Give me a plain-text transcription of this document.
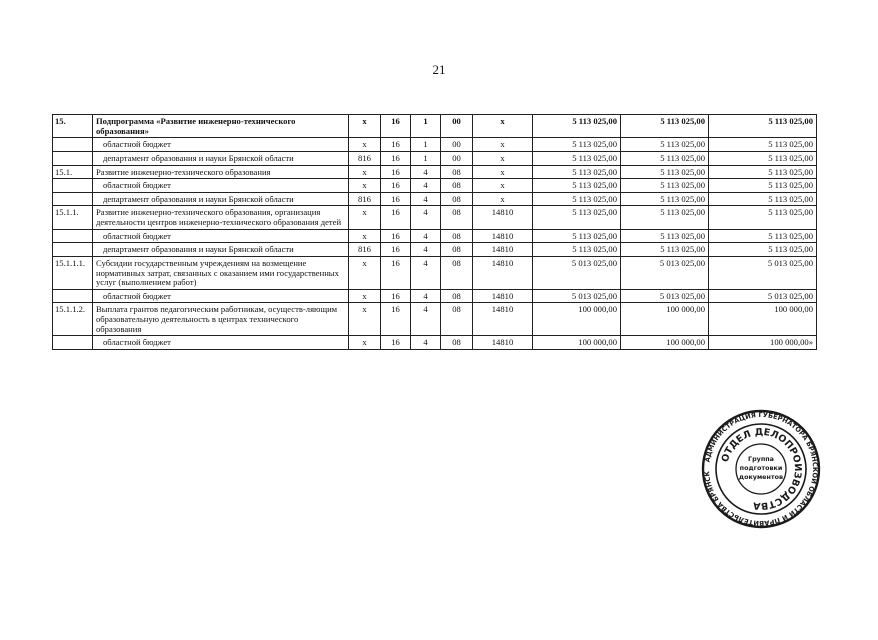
21
15.	Подпрограмма «Развитие инженерно-технического образования»	х	16	1	00	х	5 113 025,00	5 113 025,00	5 113 025,00
	областной бюджет	х	16	1	00	х	5 113 025,00	5 113 025,00	5 113 025,00
	департамент образования и науки Брянской области	816	16	1	00	х	5 113 025,00	5 113 025,00	5 113 025,00
15.1.	Развитие инженерно-технического образования	х	16	4	08	х	5 113 025,00	5 113 025,00	5 113 025,00
	областной бюджет	х	16	4	08	х	5 113 025,00	5 113 025,00	5 113 025,00
	департамент образования и науки Брянской области	816	16	4	08	х	5 113 025,00	5 113 025,00	5 113 025,00
15.1.1.	Развитие инженерно-технического образования, организация деятельности центров инженерно-технического образования детей	х	16	4	08	14810	5 113 025,00	5 113 025,00	5 113 025,00
	областной бюджет	х	16	4	08	14810	5 113 025,00	5 113 025,00	5 113 025,00
	департамент образования и науки Брянской области	816	16	4	08	14810	5 113 025,00	5 113 025,00	5 113 025,00
15.1.1.1.	Субсидии государственным учреждениям на возмещение нормативных затрат, связанных с оказанием ими государственных услуг (выполнением работ)	х	16	4	08	14810	5 013 025,00	5 013 025,00	5 013 025,00
	областной бюджет	х	16	4	08	14810	5 013 025,00	5 013 025,00	5 013 025,00
15.1.1.2.	Выплата грантов педагогическим работникам, осуществ-ляющим образовательную деятельность в центрах технического образования	х	16	4	08	14810	100 000,00	100 000,00	100 000,00
	областной бюджет	х	16	4	08	14810	100 000,00	100 000,00	100 000,00»
АДМИНИСТРАЦИЯ ГУБЕРНАТОРА БРЯНСКОЙ ОБЛАСТИ И ПРАВИТЕЛЬСТВА БРЯНСК
ОТДЕЛ ДЕЛОПРОИЗВОДСТВА
Группа
подготовки
документов
